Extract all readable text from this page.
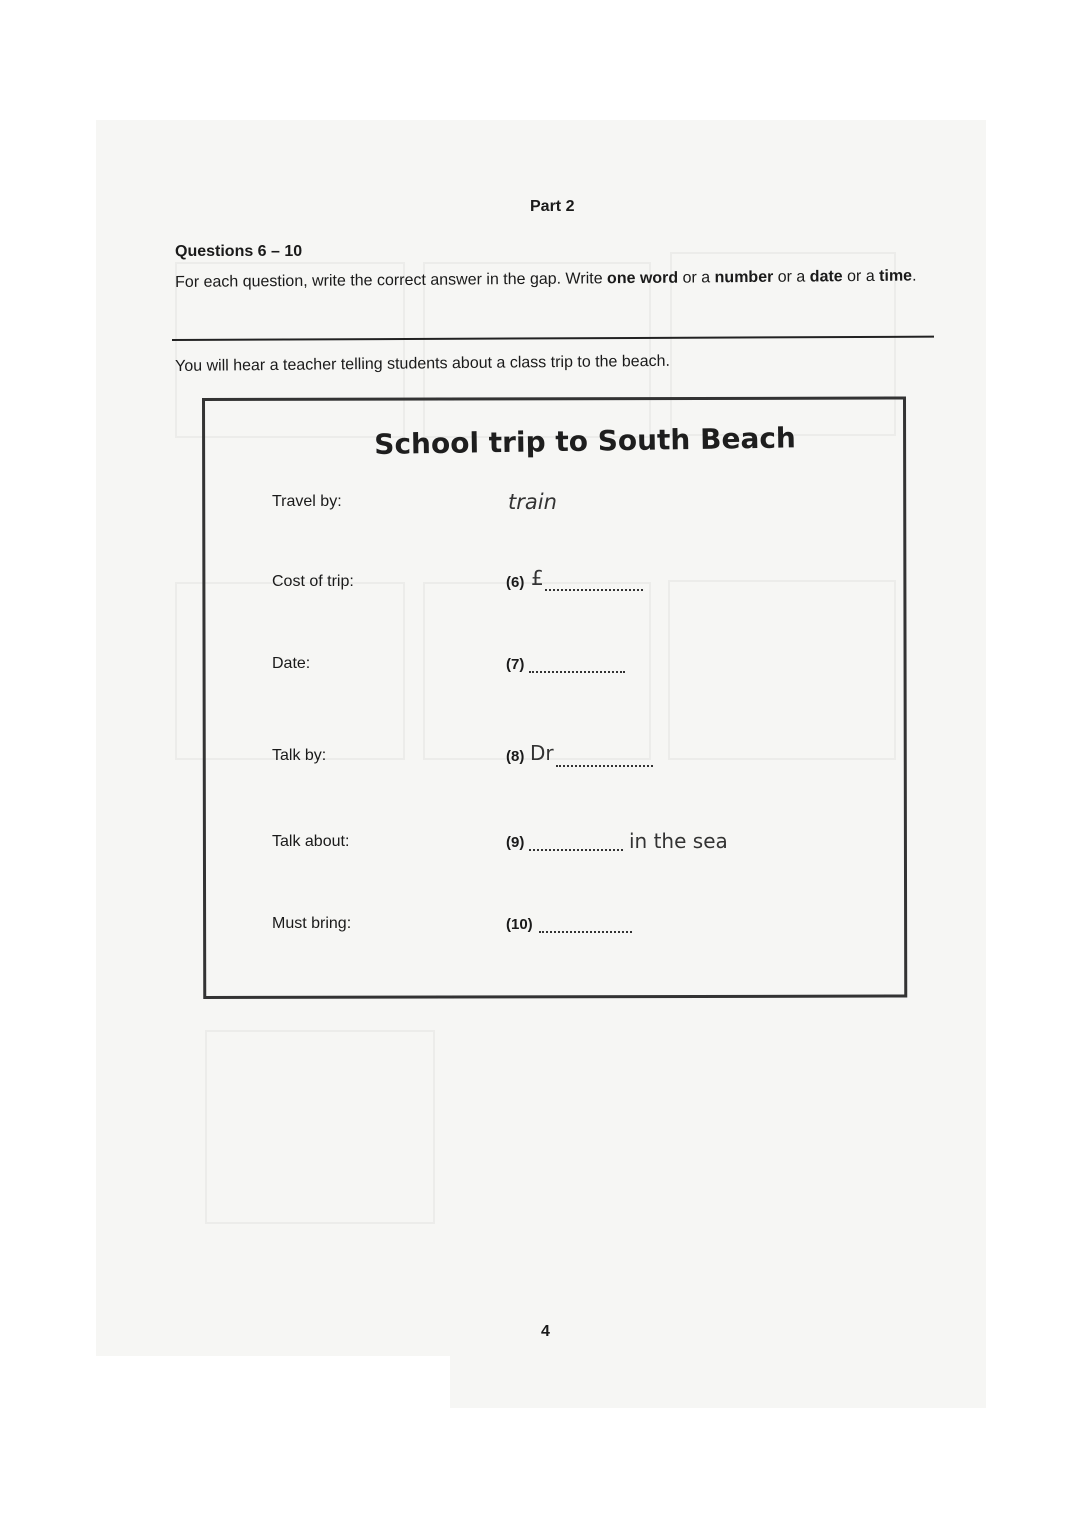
Part 2
Questions 6 – 10
For each question, write the correct answer in the gap. Write one word or a number or a date or a time.
You will hear a teacher telling students about a class trip to the beach.
School trip to South Beach
Travel by:	train
Cost of trip:	(6) £
Date:	(7)
Talk by:	(8) Dr
Talk about:	(9)	in the sea
Must bring:	(10)
4
